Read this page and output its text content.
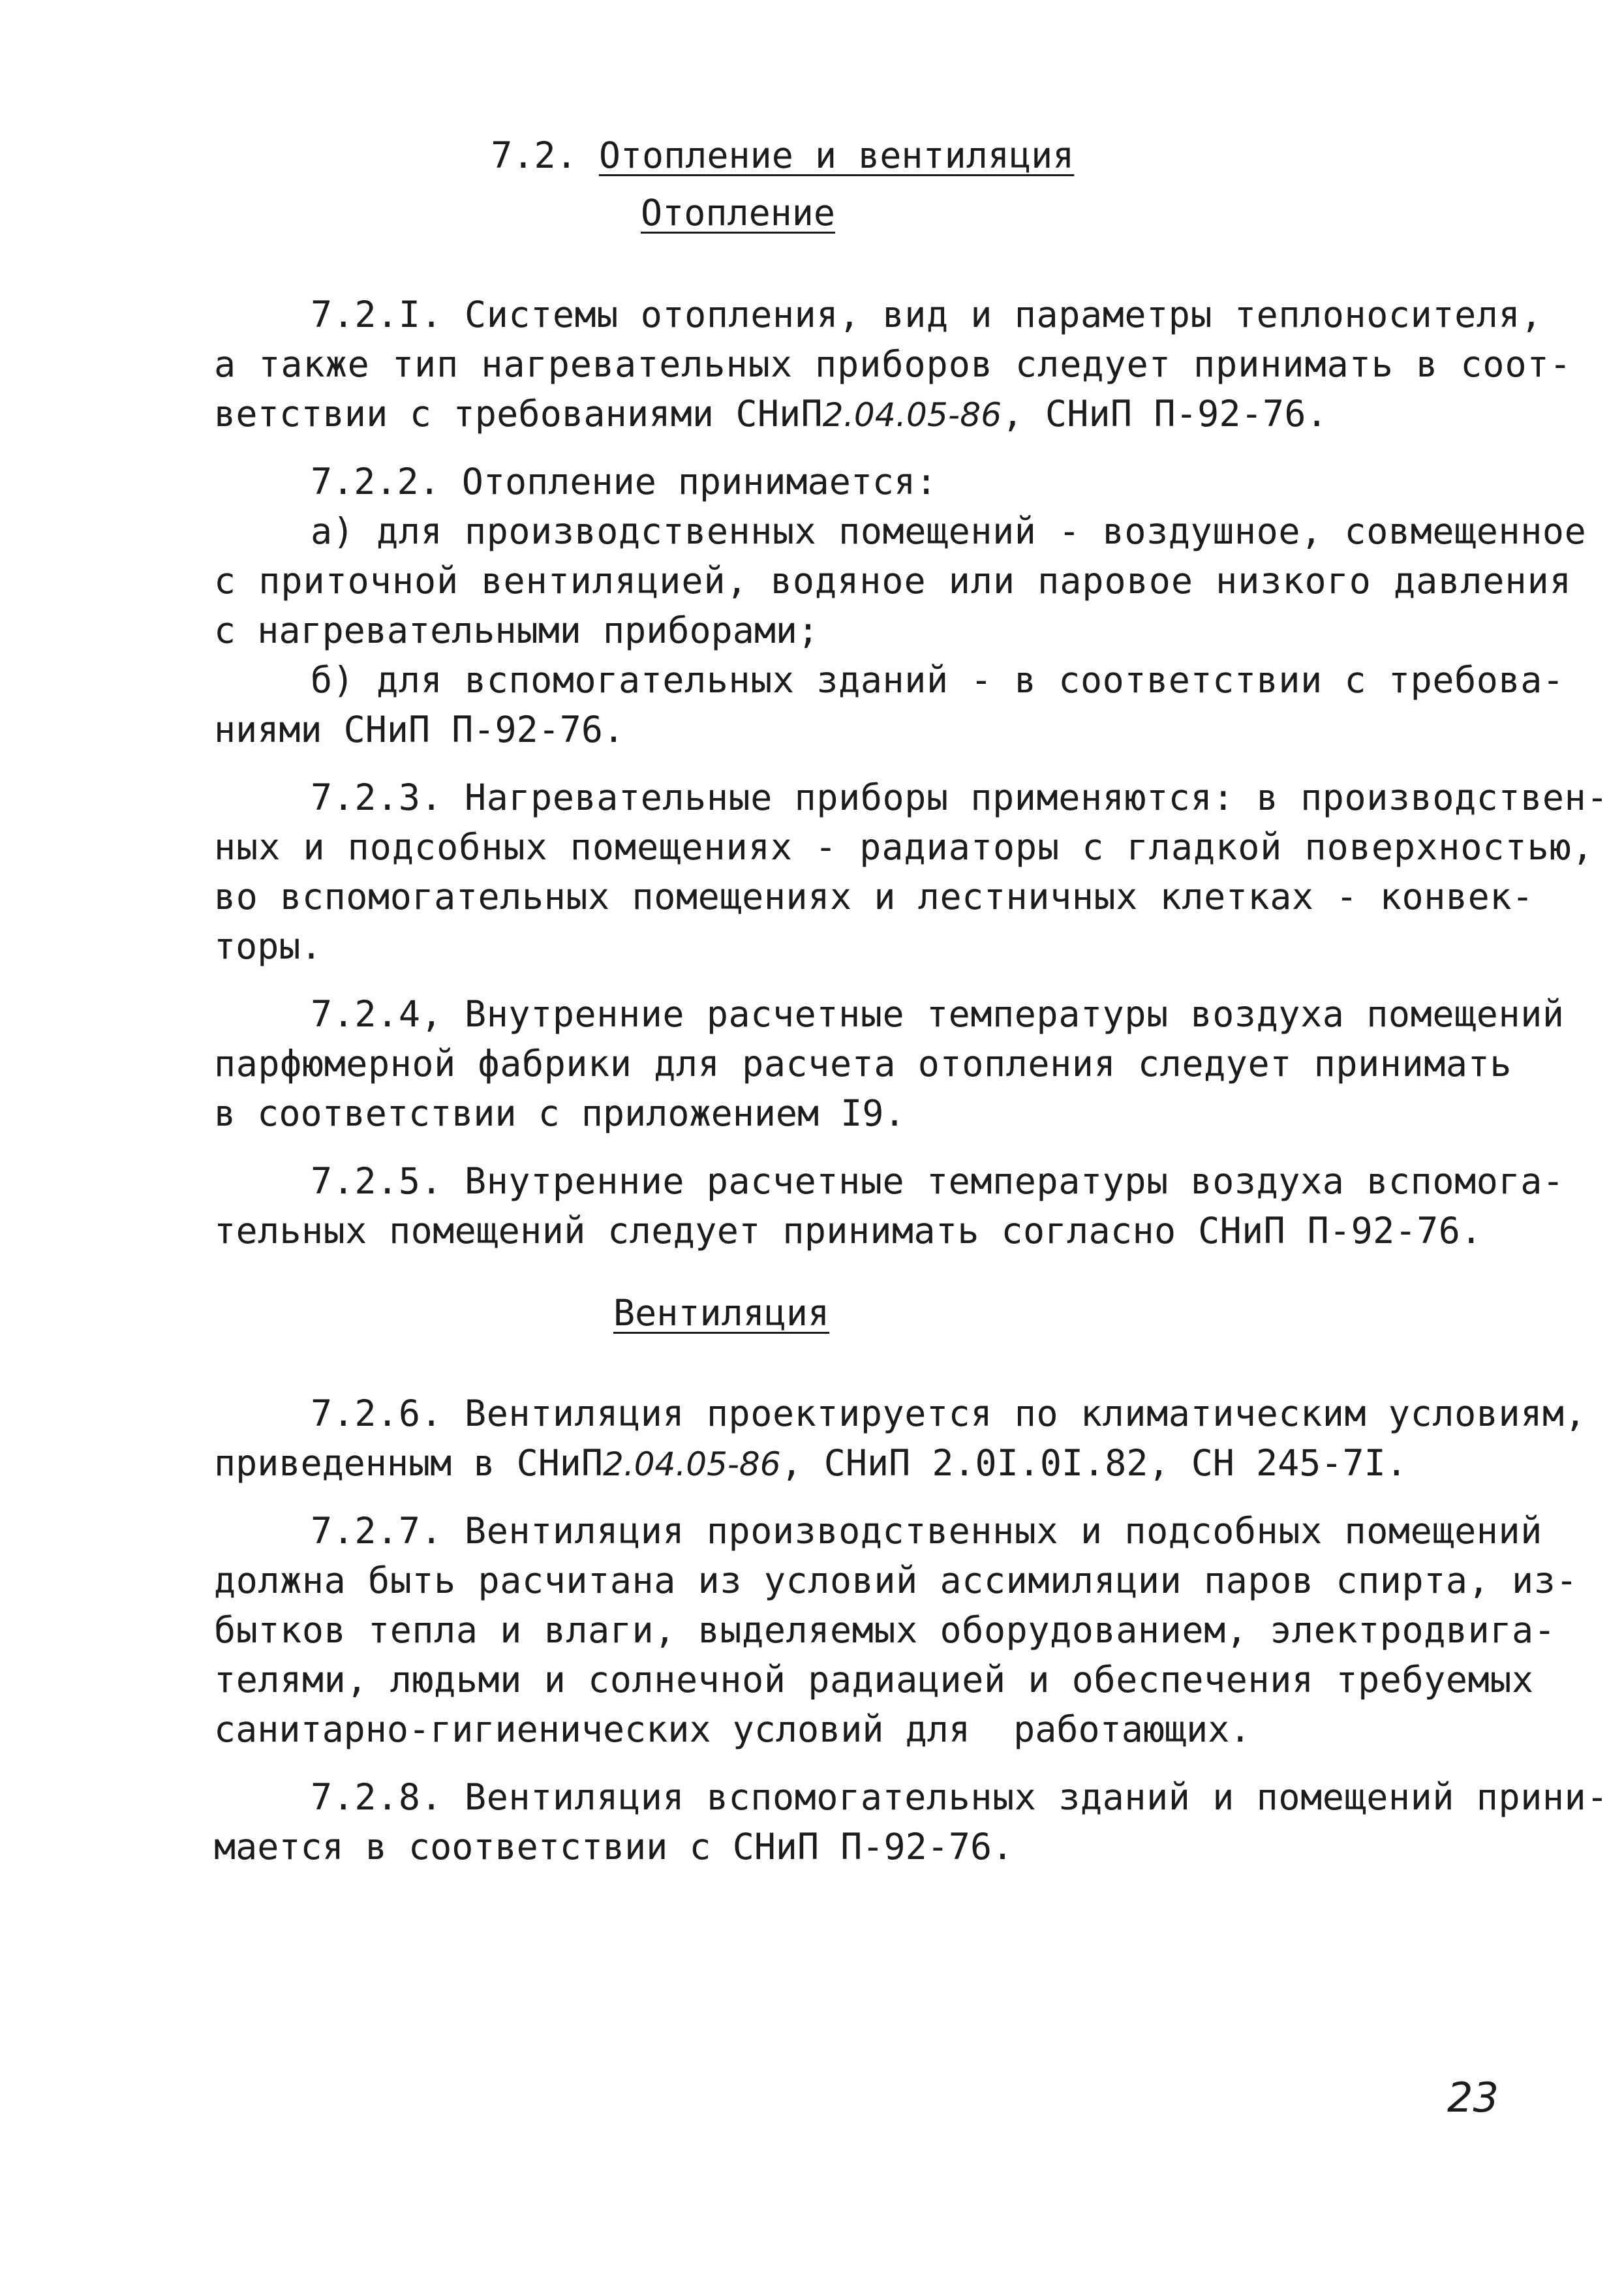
7.2. Отопление и вентиляция

Отопление
7.2.I. Системы отопления, вид и параметры теплоносителя,
а также тип нагревательных приборов следует принимать в соот-
ветствии с требованиями СНиП2.04.05-86, СНиП П-92-76.
7.2.2. Отопление принимается:
а) для производственных помещений - воздушное, совмещенное
с приточной вентиляцией, водяное или паровое низкого давления
с нагревательными приборами;
б) для вспомогательных зданий - в соответствии с требова-
ниями СНиП П-92-76.
7.2.3. Нагревательные приборы применяются: в производствен-
ных и подсобных помещениях - радиаторы с гладкой поверхностью,
во вспомогательных помещениях и лестничных клетках - конвек-
торы.
7.2.4, Внутренние расчетные температуры воздуха помещений
парфюмерной фабрики для расчета отопления следует принимать
в соответствии с приложением I9.
7.2.5. Внутренние расчетные температуры воздуха вспомога-
тельных помещений следует принимать согласно СНиП П-92-76.
Вентиляция
7.2.6. Вентиляция проектируется по климатическим условиям,
приведенным в СНиП2.04.05-86, СНиП 2.0I.0I.82, СН 245-7I.
7.2.7. Вентиляция производственных и подсобных помещений
должна быть расчитана из условий ассимиляции паров спирта, из-
бытков тепла и влаги, выделяемых оборудованием, электродвига-
телями, людьми и солнечной радиацией и обеспечения требуемых
санитарно-гигиенических условий для  работающих.
7.2.8. Вентиляция вспомогательных зданий и помещений прини-
мается в соответствии с СНиП П-92-76.
23
